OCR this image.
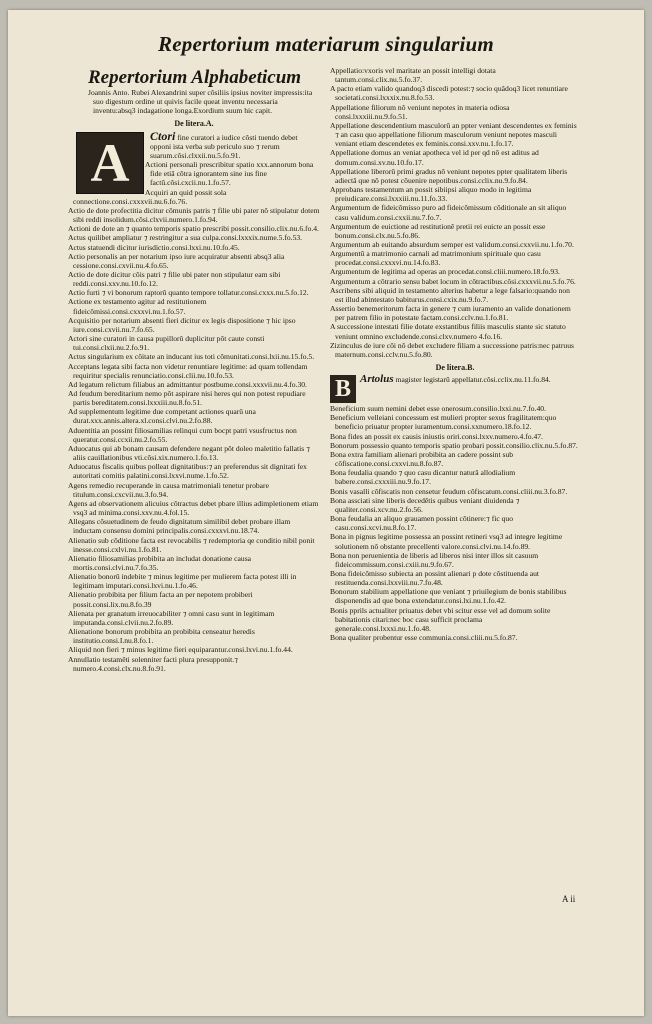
Repertorium materiarum singularium
Repertorium Alphabeticum

Joannis Anto. Rubei Alexandrini super cõsiliis ipsius noviter impressis:ita suo digestum ordine ut quivis facile queat inventu necessaria inventu:absq3 indagatione longa.Exordium suum hic capit.

De litera.A.

A Ctori fine curatori a iudice cõsti tuendo debet opponi ista verba sub periculo suo ⁊ rerum suarum.cõsi.clxxii.nu.5.fo.91.

Actioni personali prescribitur spatio xxx.annorum bona fide etiã cõtra ignorantem sine ius fine factũ.cõsi.cxcii.nu.1.fo.57.

Acquiri an quid possit sola connectione.consi.cxxxvii.nu.6.fo.76.

Actio de dote profectitia dicitur cõmunis patris ⁊ filie ubi pater nõ stipulatur dotem sibi reddi insolidum.cõsi.clxvii.numero.1.fo.94.

Actioni de dote an ⁊ quanto temporis spatio prescribi possit.consilio.clix.nu.6.fo.4.

Actus quilibet ampliatur ⁊ restringitur a sua culpa.consi.lxxxix.nume.5.fo.53.

Actus statuendi dicitur iurisdictio.consi.lxxi.nu.10.fo.45.

Actio personalis an per notarium ipso iure acquiratur absenti absq3 alia cessione.consi.cxvii.nu.4.fo.65.

Actio de dote dicitur cõis patri ⁊ filie ubi pater non stipulatur eam sibi reddi.consi.xxv.nu.10.fo.12.

Actio furti ⁊ vi bonorum raptorũ quanto tempore tollatur.consi.cxxx.nu.5.fo.12.

Actione ex testamento agitur ad restitutionem fideicõmissi.consi.cxxxvi.nu.1.fo.57.

Acquisitio per notarium absenti fieri dicitur ex legis dispositione ⁊ hic ipso iure.consi.cxvii.nu.7.fo.65.

Actori sine curatori in causa pupillorũ duplicitur põt caute consti tui.consi.clxii.nu.2.fo.91.

Actus singularium ex cõitate an inducant ius toti cõmunitati.consi.lxii.nu.15.fo.5.

Acceptans legata sibi facta non videtur renuntiare legitime: ad quam tollendam requiritur specialis renunciatio.consi.clii.nu.10.fo.53.

Ad legatum relictum filiabus an admittantur postbume.consi.xxxvii.nu.4.fo.30.

Ad feudum bereditarium nemo põt aspirare nisi heres qui non potest repudiare partis bereditatem.consi.lxxxiii.nu.8.fo.51.

Ad supplementum legitime due competant actiones quarũ una durat.xxx.annis.altera.xl.consi.clvi.nu.2.fo.88.

Aduentitia an possint filiosamilias relinqui cum bocpt patri vsusfructus non queratur.consi.ccxii.nu.2.fo.55.

Aduocatus qui ab bonam causam defendere negant põt doleo maletitio fallatis ⁊ aliis cauillationibus vti.cõsi.xix.numero.1.fo.13.

Aduocatus fiscalis quibus polleat dignitatibus:⁊ an preferendus sit dignitati fex autoritati comitis palatini.consi.lxxvi.nume.1.fo.52.

Agens remedio recuperande in causa matrimoniali tenetur probare titulum.consi.cxcvii.nu.3.fo.94.

Agens ad observationem alicuius cõtractus debet pbare illius adimpletionem etiam vsq3 ad minima.consi.xxv.nu.4.fol.15.

Allegans cõsuetudinem de feudo dignitatum similibil debet probare illam inductam consensu domini principalis.consi.cxxxvi.nu.18.74.

Alienatio sub cõditione facta est revocabilis ⁊ redemptoria qe conditio nibil ponit inesse.consi.cxlvi.nu.1.fo.81.

Alienatio filiosamilias probibita an includat donatione causa mortis.consi.clvi.nu.7.fo.35.

Alienatio bonorũ indebite ⁊ minus legitime per mulierem facta potest illi in legitimam imputari.consi.lxvi.nu.1.fo.46.

Alienatio probibita per filium facta an per nepotem probiberi possit.consi.lix.nu.8.fo.39

Alienata per granatum irreuocabiliter ⁊ omni casu sunt in legitimam imputanda.consi.clvii.nu.2.fo.89.

Alienatione bonorum probibita an probibita censeatur heredis institutio.consi.I.nu.8.fo.1.

Aliquid non fieri ⁊ minus legitime fieri equiparantur.consi.lxvi.nu.1.fo.44.

Annullatio testamẽti solenniter facti plura presupponit.⁊ numero.4.consi.clx.nu.8.fo.91.

Appellatio:vxoris vel maritate an possit intelligi dotata tantum.consi.clix.nu.5.fo.37.

A pacto etiam valido quandoq3 discedi potest:⁊ socio quãdoq3 licet renuntiare societati.consi.lxxxix.nu.8.fo.53.

Appellatione filiorum nõ veniunt nepotes in materia odiosa consi.lxxxiii.nu.9.fo.51.

Appellatione descendentium masculorũ an ppter veniant descendentes ex feminis ⁊ an casu quo appellatione filiorum masculorum veniunt nepotes masculi veniant etiam descendetes ex feminis.consi.xxv.nu.1.fo.17.

Appellatione domus an veniat apotheca vel id per qd nõ est aditus ad domum.consi.xv.nu.10.fo.17.

Appellatione liberorũ primi gradus nõ veniunt nepotes ppter qualitatem liberis adiectã que nõ potest cõuenire nepotibus.consi.cclix.nu.9.fo.84.

Approbans testamentum an possit sibiipsi aliquo modo in legitima preiudicare.consi.lxxxiii.nu.11.fo.33.

Argumentum de fideicõmisso puro ad fideicõmissum cõditionale an sit aliquo casu validum.consi.cxxii.nu.7.fo.7.

Argumentum de euictione ad restitutionẽ pretii rei euicte an possit esse bonum.consi.clx.nu.5.fo.86.

Argumentum ab euitando absurdum semper est validum.consi.cxxvii.nu.1.fo.70.

Argumentũ a matrimonio carnali ad matrimonium spirituale quo casu procedat.consi.cxxxvi.nu.14.fo.83.

Argumentum de legitima ad operas an procedat.consi.cliii.numero.18.fo.93.

Argumentum a cõtrario sensu babet locum in cõtractibus.cõsi.cxxxvii.nu.5.fo.76.

Ascribens sibi aliquid in testamento alterius habetur a lege falsario:quando non est illud abintestato babiturus.consi.cxix.nu.9.fo.7.

Assertio benemeritorum facta in genere ⁊ cum iuramento an valide donationem per patrem filio in potestate factam.consi.cclv.nu.1.fo.81.

A successione intestati filie dotate exstantibus filiis masculis stante sic statuto veniunt omnino excludende.consi.clxv.numero 4.fo.16.

Zizinculus de iure cõi nõ debet excludere filiam a successione patris:nec patruus maternum.consi.cclv.nu.5.fo.80.

De litera.B.

B Artolus magister legistarũ appellatur.cõsi.cclix.nu.11.fo.84.

Beneficium suum nemini debet esse onerosum.consilio.lxxi.nu.7.fo.40.

Beneficium velleiani concessum est mulieri propter sexus fragilitatem:quo beneficio priuatur propter iuramentum.consi.xxnumero.18.fo.12.

Bona fides an possit ex causis iniustis oriri.consi.lxxv.numero.4.fo.47.

Bonorum possessio quanto temporis spatio probari possit.consilio.clix.nu.5.fo.87.

Bona extra familiam alienari probibita an cadere possint sub cõfiscatione.consi.cxxvi.nu.8.fo.87.

Bona feudalia quando ⁊ quo casu dicantur naturã allodialium babere.consi.cxxxiii.nu.9.fo.17.

Bonis vasalli cõfiscatis non censetur feudum cõfiscatum.consi.cliii.nu.3.fo.87.

Bona assciati sine liberis decedẽtis quibus veniant diuidenda ⁊ qualiter.consi.xcv.nu.2.fo.56.

Bona feudalia an aliquo grauamen possint cõtinere:⁊ fic quo casu.consi.xcvi.nu.8.fo.17.

Bona in pignus legitime possessa an possint retineri vsq3 ad integre legitime solutionem nõ obstante precellenti valore.consi.clvi.nu.14.fo.89.

Bona non peruenientia de liberis ad liberos nisi inter illos sit casuum fideicommissum.consi.cxiii.nu.9.fo.67.

Bona fideicõmisso subiecta an possint alienari p dote cõstituenda aut restituenda.consi.lxxviii.nu.7.fo.48.

Bonorum stabilium appellatione que veniant ⁊ priuilegium de bonis stabilibus disponendis ad que bona extendatur.consi.lxi.nu.1.fo.42.

Bonis pprils actualiter priuatus debet vbi scitur esse vel ad domum solite babitationis citari:nec boc casu sufficit proclama generale.consi.lxxxi.nu.1.fo.48.

Bona qualiter probentur esse communia.consi.cliii.nu.5.fo.87.

A ii
